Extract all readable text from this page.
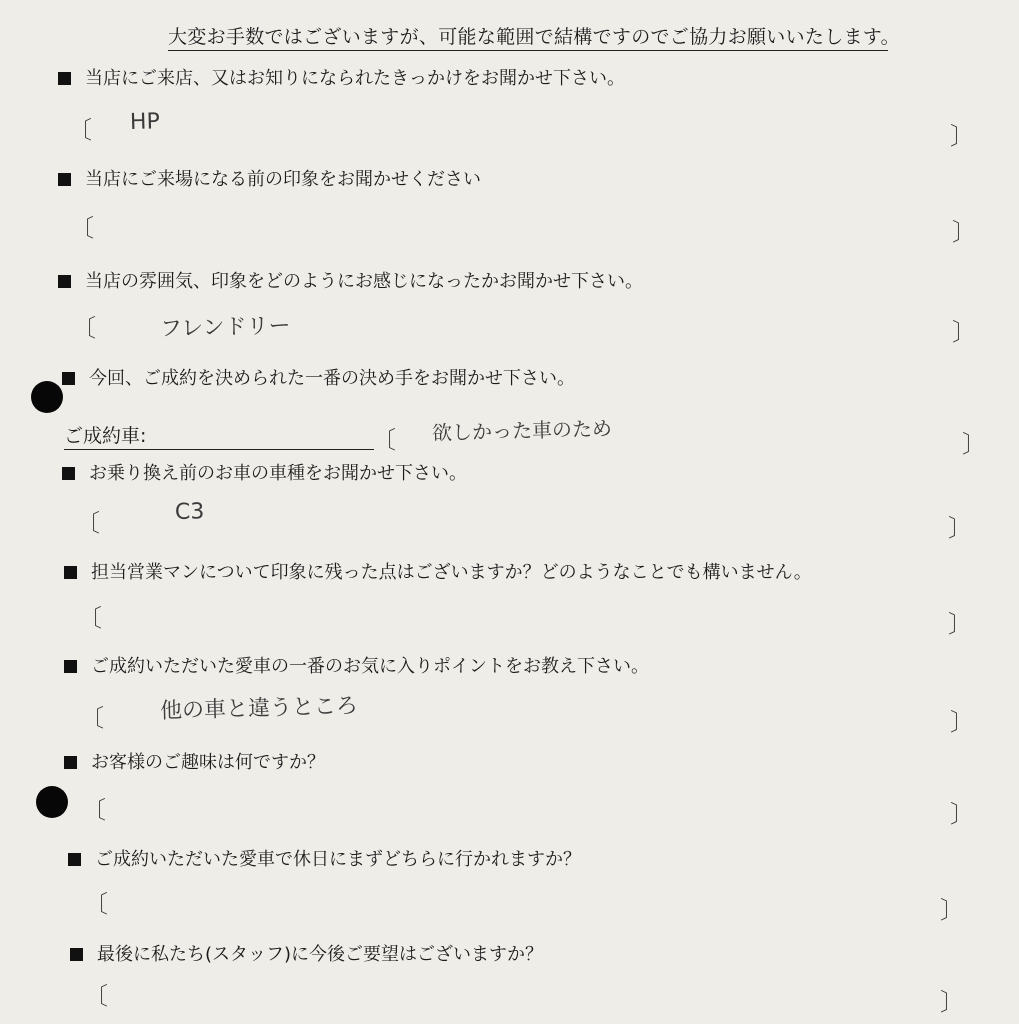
大変お手数ではございますが、可能な範囲で結構ですのでご協力お願いいたします。
当店にご来店、又はお知りになられたきっかけをお聞かせ下さい。
〔 HP	〕
当店にご来場になる前の印象をお聞かせください
〔	〕
当店の雰囲気、印象をどのようにお感じになったかお聞かせ下さい。
〔	フレンドリー	〕
今回、ご成約を決められた一番の決め手をお聞かせ下さい。
ご成約車:	〔 欲しかった車のため	〕
お乗り換え前のお車の車種をお聞かせ下さい。
〔	C3
〕
担当営業マンについて印象に残った点はございますか？どのようなことでも構いません。
〔	〕
ご成約いただいた愛車の一番のお気に入りポイントをお教え下さい。
〔	他の車と違うところ	〕
お客様のご趣味は何ですか？
〔	〕
ご成約いただいた愛車で休日にまずどちらに行かれますか？
〔	〕
最後に私たち(スタッフ)に今後ご要望はございますか？
〔	〕
